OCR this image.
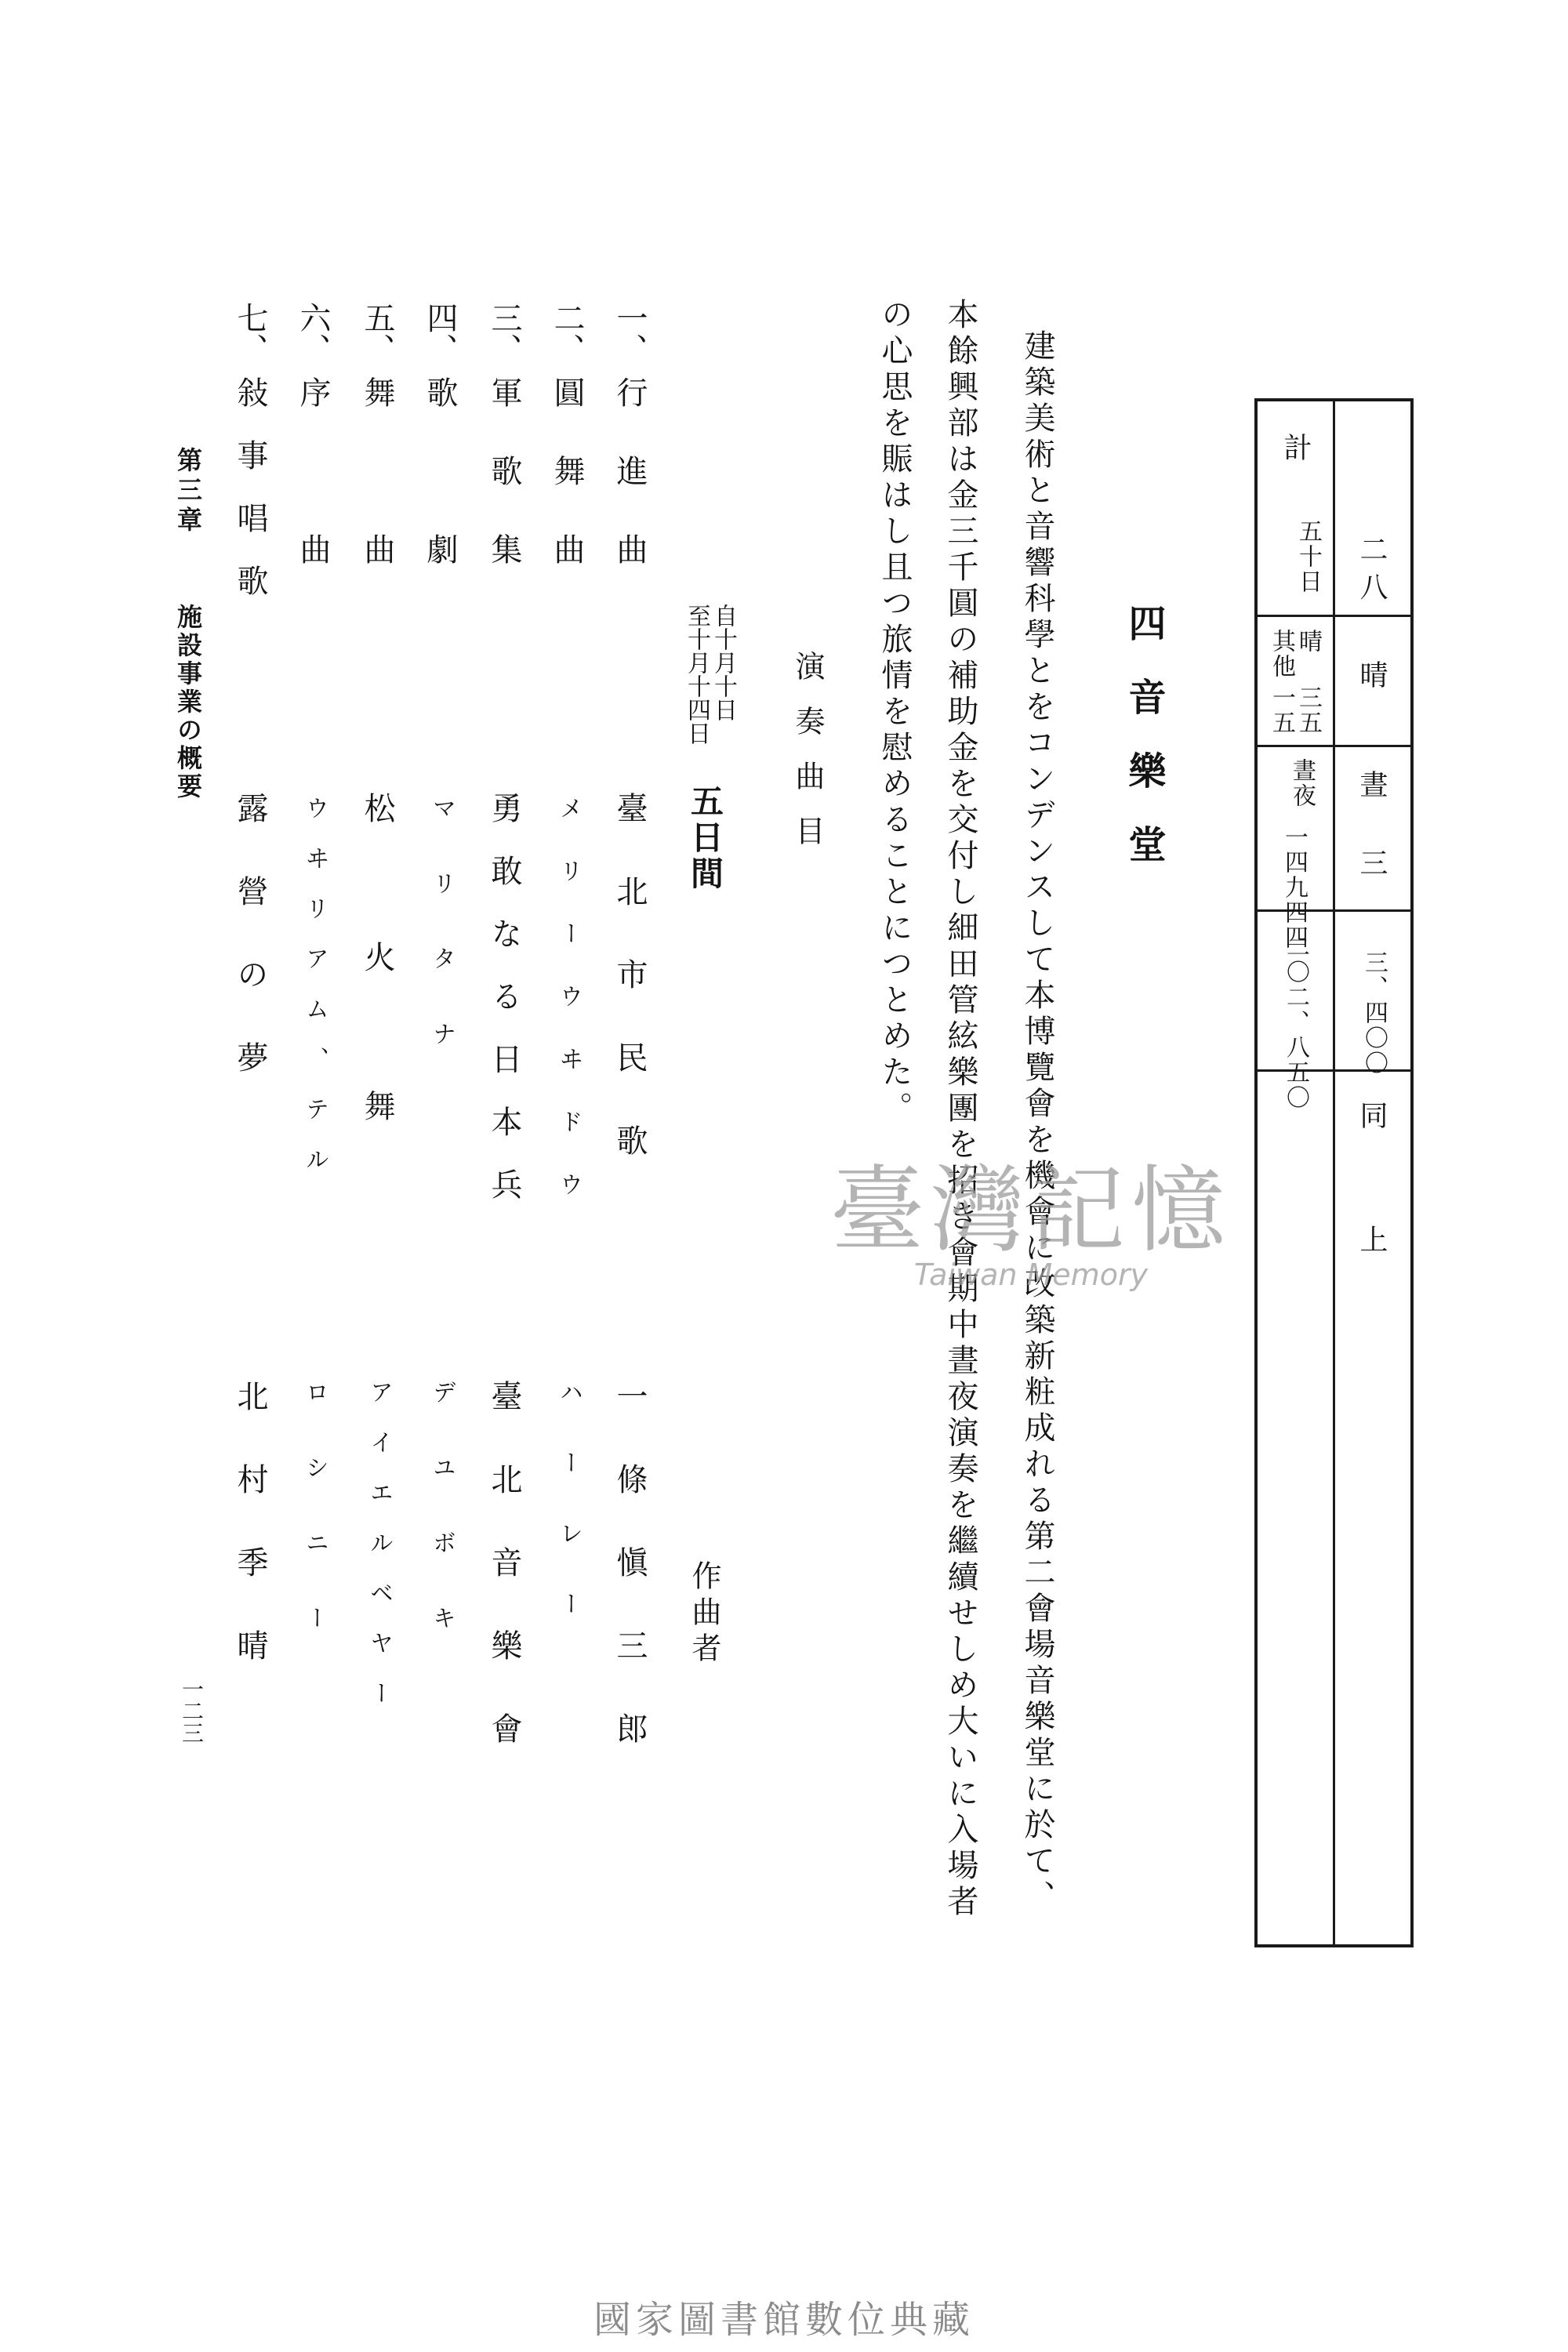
二八
晴
晝
三
三、四〇〇
同
上
計
五十日
晴
其他
三五
一五
晝夜
一四九四四
二〇二、八五〇
四音樂堂
建築美術と音響科學とをコンデンスして本博覽會を機會に改築新粧成れる第二會場音樂堂に於て、
本餘興部は金三千圓の補助金を交付し細田管絃樂團を招き會期中晝夜演奏を繼續せしめ大いに入場者
の心思を賑はし且つ旅情を慰めることにつとめた。
演奏曲目
自十月十日
至十月十四日
五日間
作曲者
一、
行進曲
臺北市民歌
一條愼三郎
二、
圓舞曲
メリーウヰドウ
ハーレー
三、
軍歌集
勇敢なる日本兵
臺北音樂會
四、
歌劇
マリタナ
デユボキ
五、
舞曲
松火舞
アイエルベヤー
六、
序曲
ウヰリアム、テル
ロシニー
七、
敍事唱歌
露營の夢
北村季晴
第三章
施設事業の概要
一二三
臺灣記憶
Taiwan Memory
國家圖書館數位典藏
